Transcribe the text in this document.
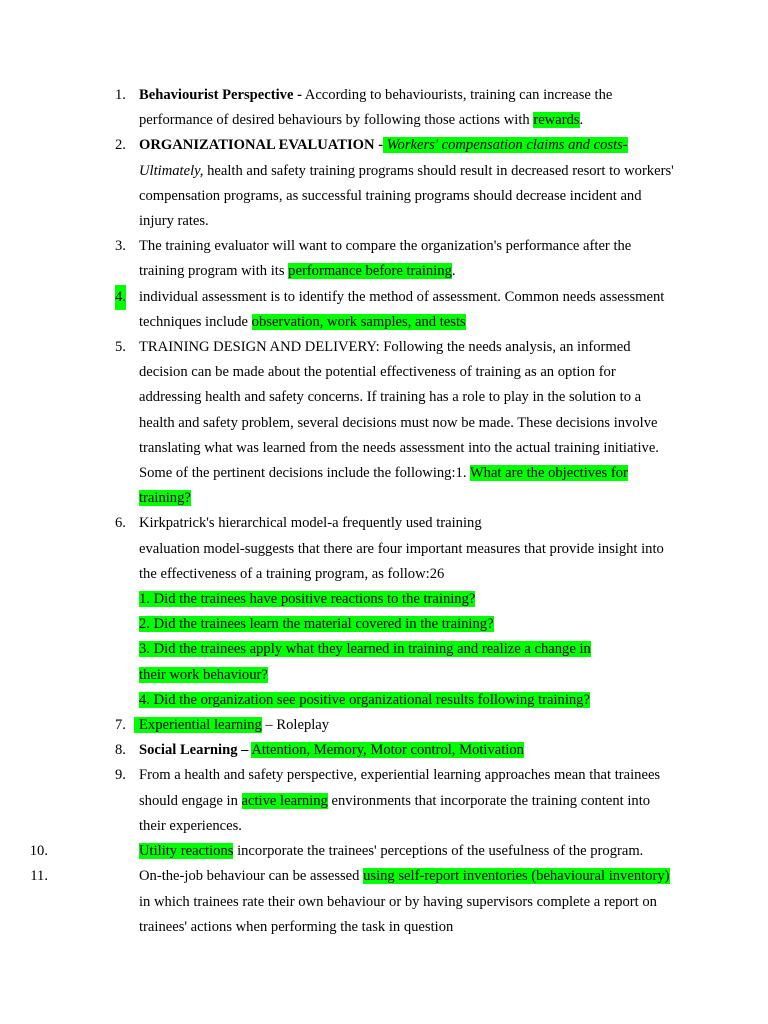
1. Behaviourist Perspective - According to behaviourists, training can increase the performance of desired behaviours by following those actions with rewards.
2. ORGANIZATIONAL EVALUATION - Workers' compensation claims and costs- Ultimately, health and safety training programs should result in decreased resort to workers' compensation programs, as successful training programs should decrease incident and injury rates.
3. The training evaluator will want to compare the organization's performance after the training program with its performance before training.
4. individual assessment is to identify the method of assessment. Common needs assessment techniques include observation, work samples, and tests
5. TRAINING DESIGN AND DELIVERY: Following the needs analysis, an informed decision can be made about the potential effectiveness of training as an option for addressing health and safety concerns. If training has a role to play in the solution to a health and safety problem, several decisions must now be made. These decisions involve translating what was learned from the needs assessment into the actual training initiative. Some of the pertinent decisions include the following:1. What are the objectives for training?
6. Kirkpatrick's hierarchical model-a frequently used training
evaluation model-suggests that there are four important measures that provide insight into the effectiveness of a training program, as follow:26
1. Did the trainees have positive reactions to the training?
2. Did the trainees learn the material covered in the training?
3. Did the trainees apply what they learned in training and realize a change in
their work behaviour?
4. Did the organization see positive organizational results following training?
7. Experiential learning – Roleplay
8. Social Learning – Attention, Memory, Motor control, Motivation
9. From a health and safety perspective, experiential learning approaches mean that trainees should engage in active learning environments that incorporate the training content into their experiences.
10.	Utility reactions incorporate the trainees' perceptions of the usefulness of the program.
11.	On-the-job behaviour can be assessed using self-report inventories (behavioural inventory) in which trainees rate their own behaviour or by having supervisors complete a report on trainees' actions when performing the task in question
